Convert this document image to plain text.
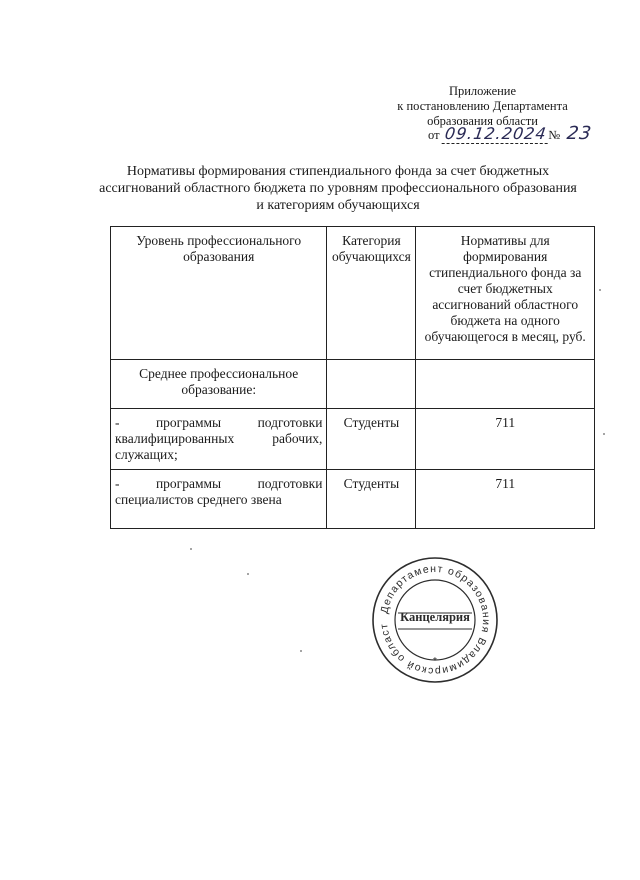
Приложение
к постановлению Департамента
образования области
от 09.12.2024№ 23
Нормативы формирования стипендиального фонда за счет бюджетных
ассигнований областного бюджета по уровням профессионального образования
и категориям обучающихся
Уровень профессионального образования	Категория обучающихся	Нормативы для формирования стипендиального фонда за счет бюджетных ассигнований областного бюджета на одного обучающегося в месяц, руб.
Среднее профессиональное образование:		
- программы подготовки квалифицированных рабочих, служащих;	Студенты	711
- программы подготовки специалистов среднего звена	Студенты	711
Департамент образования Владимирской област
*
Канцелярия
